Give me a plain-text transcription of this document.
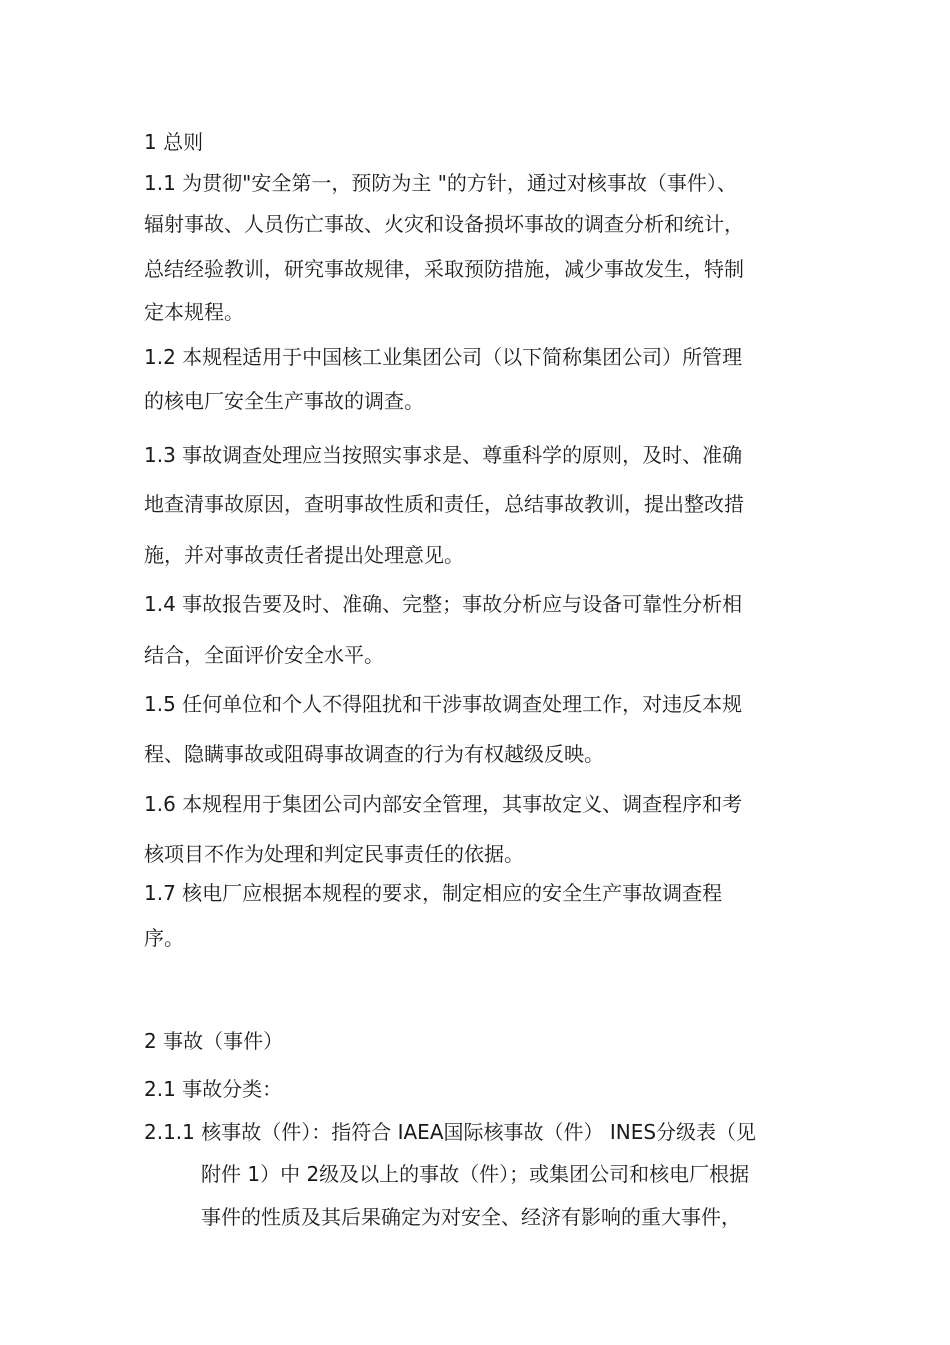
1 总则
1.1 为贯彻"安全第一，预防为主 "的方针，通过对核事故（事件）、
辐射事故、人员伤亡事故、火灾和设备损坏事故的调查分析和统计，
总结经验教训，研究事故规律，采取预防措施，减少事故发生，特制
定本规程。
1.2 本规程适用于中国核工业集团公司（以下简称集团公司）所管理
的核电厂安全生产事故的调查。
1.3 事故调查处理应当按照实事求是、尊重科学的原则，及时、准确
地查清事故原因，查明事故性质和责任，总结事故教训，提出整改措
施，并对事故责任者提出处理意见。
1.4 事故报告要及时、准确、完整；事故分析应与设备可靠性分析相
结合，全面评价安全水平。
1.5 任何单位和个人不得阻扰和干涉事故调查处理工作，对违反本规
程、隐瞒事故或阻碍事故调查的行为有权越级反映。
1.6 本规程用于集团公司内部安全管理，其事故定义、调查程序和考
核项目不作为处理和判定民事责任的依据。
1.7 核电厂应根据本规程的要求，制定相应的安全生产事故调查程
序。
2 事故（事件）
2.1 事故分类：
2.1.1 核事故（件）：指符合 IAEA国际核事故（件） INES分级表（见
附件 1）中 2级及以上的事故（件）；或集团公司和核电厂根据
事件的性质及其后果确定为对安全、经济有影响的重大事件，
